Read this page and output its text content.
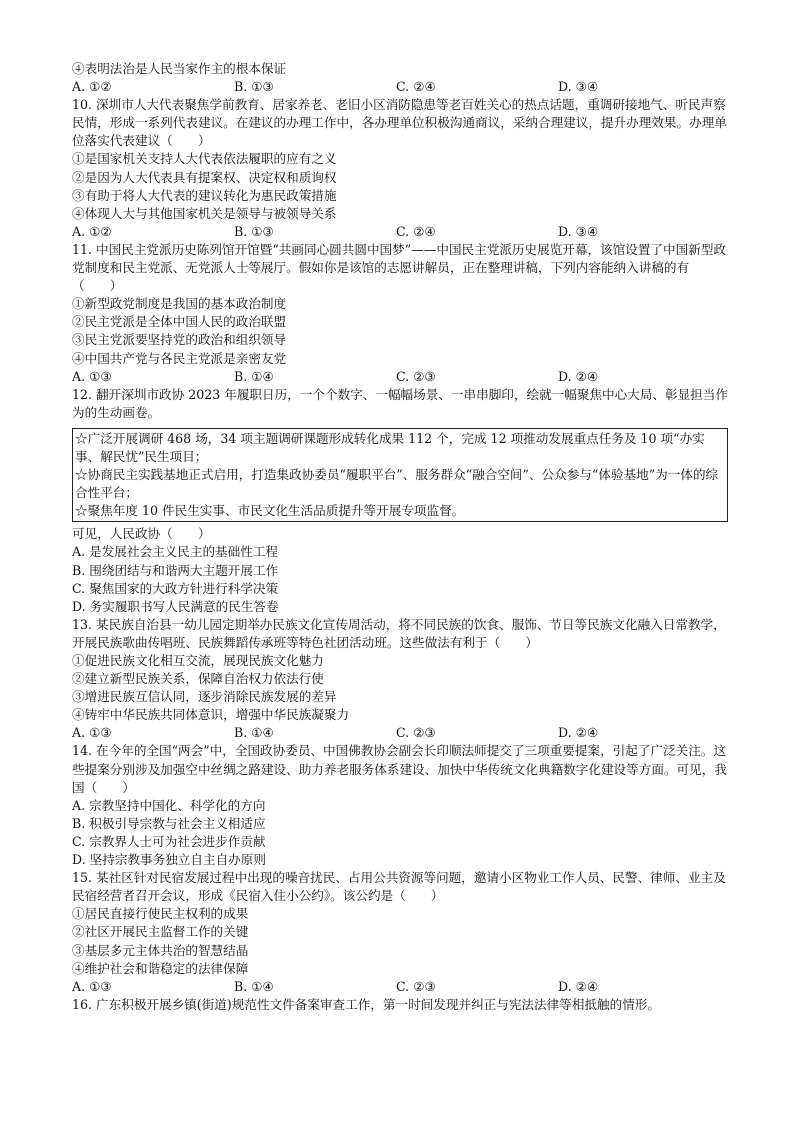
④表明法治是人民当家作主的根本保证
A. ①②	B. ①③	C. ②④	D. ③④
10. 深圳市人大代表聚焦学前教育、居家养老、老旧小区消防隐患等老百姓关心的热点话题，重调研接地气、听民声察民情，形成一系列代表建议。在建议的办理工作中，各办理单位积极沟通商议，采纳合理建议，提升办理效果。办理单位落实代表建议（　　）
①是国家机关支持人大代表依法履职的应有之义
②是因为人大代表具有提案权、决定权和质询权
③有助于将人大代表的建议转化为惠民政策措施
④体现人大与其他国家机关是领导与被领导关系
A. ①②	B. ①③	C. ②④	D. ③④
11. 中国民主党派历史陈列馆开馆暨“共画同心圆共圆中国梦”——中国民主党派历史展览开幕，该馆设置了中国新型政党制度和民主党派、无党派人士等展厅。假如你是该馆的志愿讲解员，正在整理讲稿，下列内容能纳入讲稿的有（　　）
①新型政党制度是我国的基本政治制度
②民主党派是全体中国人民的政治联盟
③民主党派要坚持党的政治和组织领导
④中国共产党与各民主党派是亲密友党
A. ①③	B. ①④	C. ②③	D. ②④
12. 翻开深圳市政协 2023 年履职日历，一个个数字、一幅幅场景、一串串脚印，绘就一幅聚焦中心大局、彰显担当作为的生动画卷。
☆广泛开展调研 468 场，34 项主题调研课题形成转化成果 112 个，完成 12 项推动发展重点任务及 10 项“办实事、解民忧”民生项目；
☆协商民主实践基地正式启用，打造集政协委员“履职平台”、服务群众“融合空间”、公众参与“体验基地”为一体的综合性平台；
☆聚焦年度 10 件民生实事、市民文化生活品质提升等开展专项监督。
可见，人民政协（　　）
A. 是发展社会主义民主的基础性工程
B. 围绕团结与和谐两大主题开展工作
C. 聚焦国家的大政方针进行科学决策
D. 务实履职书写人民满意的民生答卷
13. 某民族自治县一幼儿园定期举办民族文化宣传周活动，将不同民族的饮食、服饰、节日等民族文化融入日常教学，开展民族歌曲传唱班、民族舞蹈传承班等特色社团活动班。这些做法有利于（　　）
①促进民族文化相互交流，展现民族文化魅力
②建立新型民族关系，保障自治权力依法行使
③增进民族互信认同，逐步消除民族发展的差异
④铸牢中华民族共同体意识，增强中华民族凝聚力
A. ①③	B. ①④	C. ②③	D. ②④
14. 在今年的全国“两会”中，全国政协委员、中国佛教协会副会长印顺法师提交了三项重要提案，引起了广泛关注。这些提案分别涉及加强空中丝绸之路建设、助力养老服务体系建设、加快中华传统文化典籍数字化建设等方面。可见，我国（　　）
A. 宗教坚持中国化、科学化的方向
B. 积极引导宗教与社会主义相适应
C. 宗教界人士可为社会进步作贡献
D. 坚持宗教事务独立自主自办原则
15. 某社区针对民宿发展过程中出现的噪音扰民、占用公共资源等问题，邀请小区物业工作人员、民警、律师、业主及民宿经营者召开会议，形成《民宿入住小公约》。该公约是（　　）
①居民直接行使民主权利的成果
②社区开展民主监督工作的关键
③基层多元主体共治的智慧结晶
④维护社会和谐稳定的法律保障
A. ①③	B. ①④	C. ②③	D. ②④
16. 广东积极开展乡镇(街道)规范性文件备案审查工作，第一时间发现并纠正与宪法法律等相抵触的情形。
